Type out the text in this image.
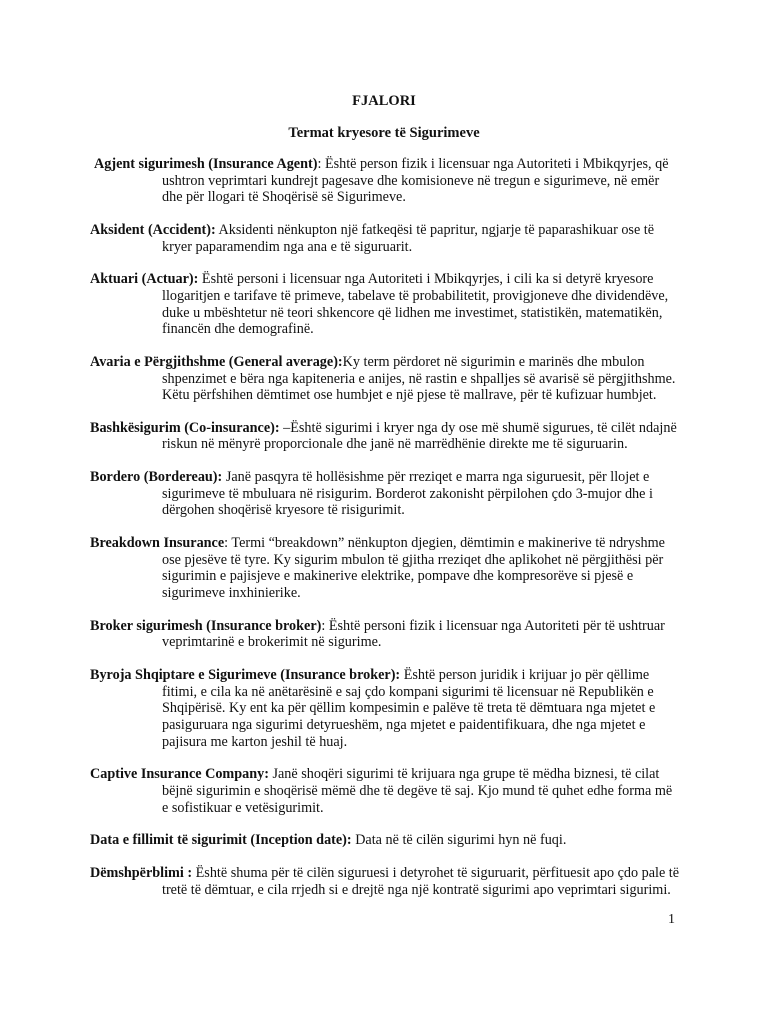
FJALORI
Termat kryesore të Sigurimeve

Agjent sigurimesh (Insurance Agent): Është person fizik i licensuar nga Autoriteti i Mbikqyrjes, që ushtron veprimtari kundrejt pagesave dhe komisioneve në tregun e sigurimeve, në emër dhe për llogari të Shoqërisë së Sigurimeve.

Aksident (Accident): Aksidenti nënkupton një fatkeqësi të papritur, ngjarje të paparashikuar ose të kryer paparamendim nga ana e të siguruarit.

Aktuari (Actuar): Është personi i licensuar nga Autoriteti i Mbikqyrjes, i cili ka si detyrë kryesore llogaritjen e tarifave të primeve, tabelave të probabilitetit, provigjoneve dhe dividendëve, duke u mbështetur në teori shkencore që lidhen me investimet, statistikën, matematikën, financën dhe demografinë.

Avaria e Përgjithshme (General average):Ky term përdoret në sigurimin e marinës dhe mbulon shpenzimet e bëra nga kapiteneria e anijes, në rastin e shpalljes së avarisë së përgjithshme. Këtu përfshihen dëmtimet ose humbjet e një pjese të mallrave, për të kufizuar humbjet.

Bashkësigurim (Co-insurance): –Është sigurimi i kryer nga dy ose më shumë sigurues, të cilët ndajnë riskun në mënyrë proporcionale dhe janë në marrëdhënie direkte me të siguruarin.

Bordero (Bordereau): Janë pasqyra të hollësishme për rreziqet e marra nga siguruesit, për llojet e sigurimeve të mbuluara në risigurim. Borderot zakonisht përpilohen çdo 3-mujor dhe i dërgohen shoqërisë kryesore të risigurimit.

Breakdown Insurance: Termi “breakdown” nënkupton djegien, dëmtimin e makinerive të ndryshme ose pjesëve të tyre. Ky sigurim mbulon të gjitha rreziqet dhe aplikohet në përgjithësi për sigurimin e pajisjeve e makinerive elektrike, pompave dhe kompresorëve si pjesë e sigurimeve inxhinierike.

Broker sigurimesh (Insurance broker): Është personi fizik i licensuar nga Autoriteti për të ushtruar veprimtarinë e brokerimit në sigurime.

Byroja Shqiptare e Sigurimeve (Insurance broker): Është person juridik i krijuar jo për qëllime fitimi, e cila ka në anëtarësinë e saj çdo kompani sigurimi të licensuar në Republikën e Shqipërisë. Ky ent ka për qëllim kompesimin e palëve të treta të dëmtuara nga mjetet e pasiguruara nga sigurimi detyrueshëm, nga mjetet e paidentifikuara, dhe nga mjetet e pajisura me karton jeshil të huaj.

Captive Insurance Company: Janë shoqëri sigurimi të krijuara nga grupe të mëdha biznesi, të cilat bëjnë sigurimin e shoqërisë mëmë dhe të degëve të saj. Kjo mund të quhet edhe forma më e sofistikuar e vetësigurimit.

Data e fillimit të sigurimit (Inception date): Data në të cilën sigurimi hyn në fuqi.

Dëmshpërblimi : Është shuma për të cilën siguruesi i detyrohet të siguruarit, përfituesit apo çdo pale të tretë të dëmtuar, e cila rrjedh si e drejtë nga një kontratë sigurimi apo veprimtari sigurimi.

1
